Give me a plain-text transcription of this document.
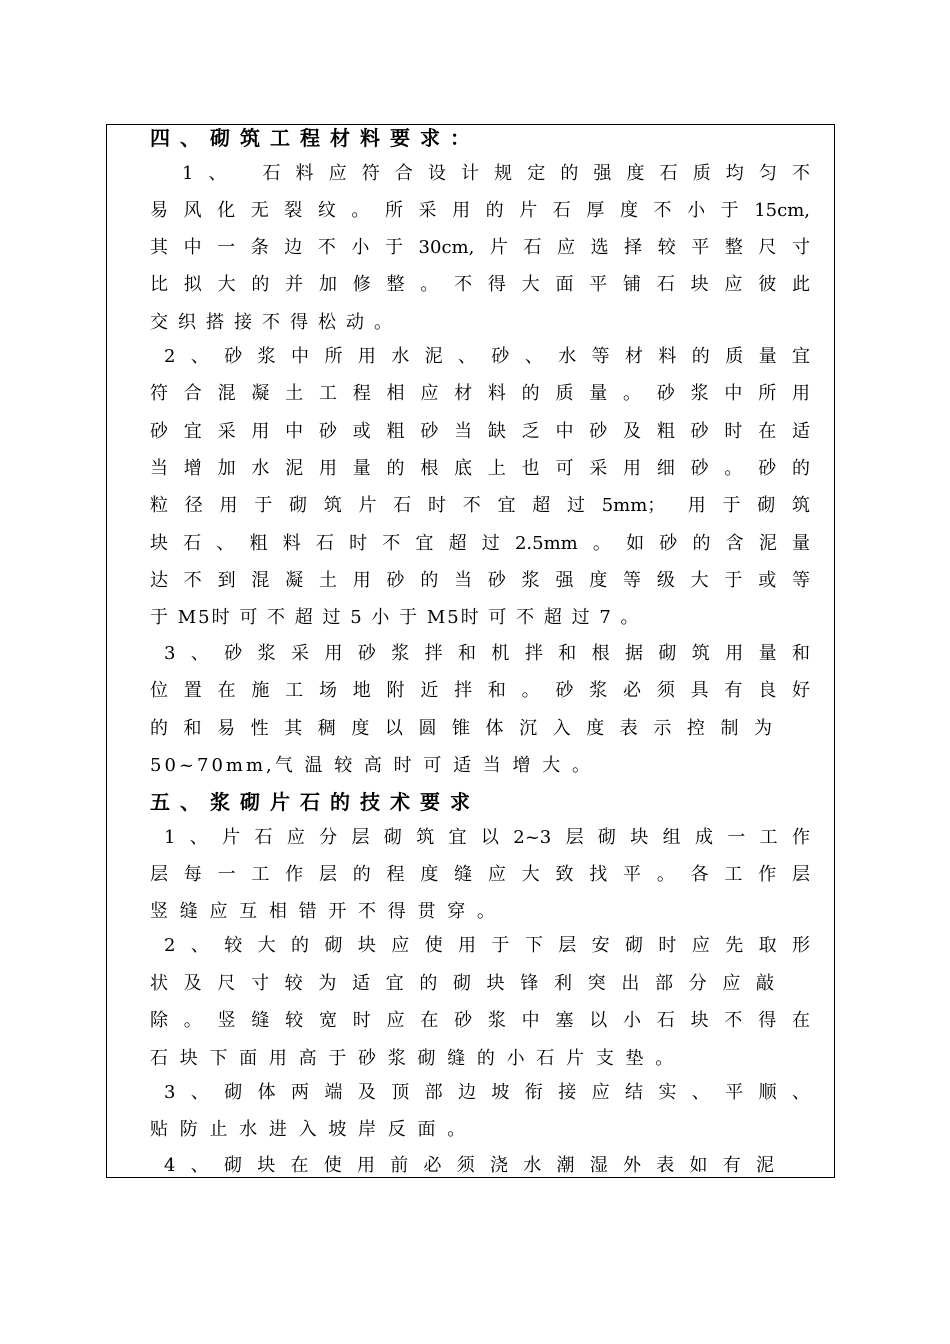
四、砌筑工程材料要求：
1、 石料应符合设计规定的强度石质均匀不
易风化无裂纹。所采用的片石厚度不小于15cm,
其中一条边不小于30cm,片石应选择较平整尺寸
比拟大的并加修整。不得大面平铺石块应彼此
交织搭接不得松动。
2、砂浆中所用水泥、砂、水等材料的质量宜
符合混凝土工程相应材料的质量。砂浆中所用
砂宜采用中砂或粗砂当缺乏中砂及粗砂时在适
当增加水泥用量的根底上也可采用细砂。砂的
粒径用于砌筑片石时不宜超过5mm； 用于砌筑
块石、粗料石时不宜超过2.5mm。如砂的含泥量
达不到混凝土用砂的当砂浆强度等级大于或等
于 M5时 可 不 超 过 5 小 于 M5时 可 不 超 过 7 。
3、砂浆采用砂浆拌和机拌和根据砌筑用量和
位置在施工场地附近拌和。砂浆必须具有良好
的和易性其稠度以圆锥体沉入度表示控制为
50~70mm,气 温 较 高 时 可 适 当 增 大 。
五、浆砌片石的技术要求
1、片石应分层砌筑宜以2~3层砌块组成一工作
层每一工作层的程度缝应大致找平。各工作层
竖 缝 应 互 相 错 开 不 得 贯 穿 。
2、较大的砌块应使用于下层安砌时应先取形
状及尺寸较为适宜的砌块锋利突出部分应敲
除。竖缝较宽时应在砂浆中塞以小石块不得在
石 块 下 面 用 高 于 砂 浆 砌 缝 的 小 石 片 支 垫 。
3、砌体两端及顶部边坡衔接应结实、平顺、
贴 防 止 水 进 入 坡 岸 反 面 。
4、砌块在使用前必须浇水潮湿外表如有泥
